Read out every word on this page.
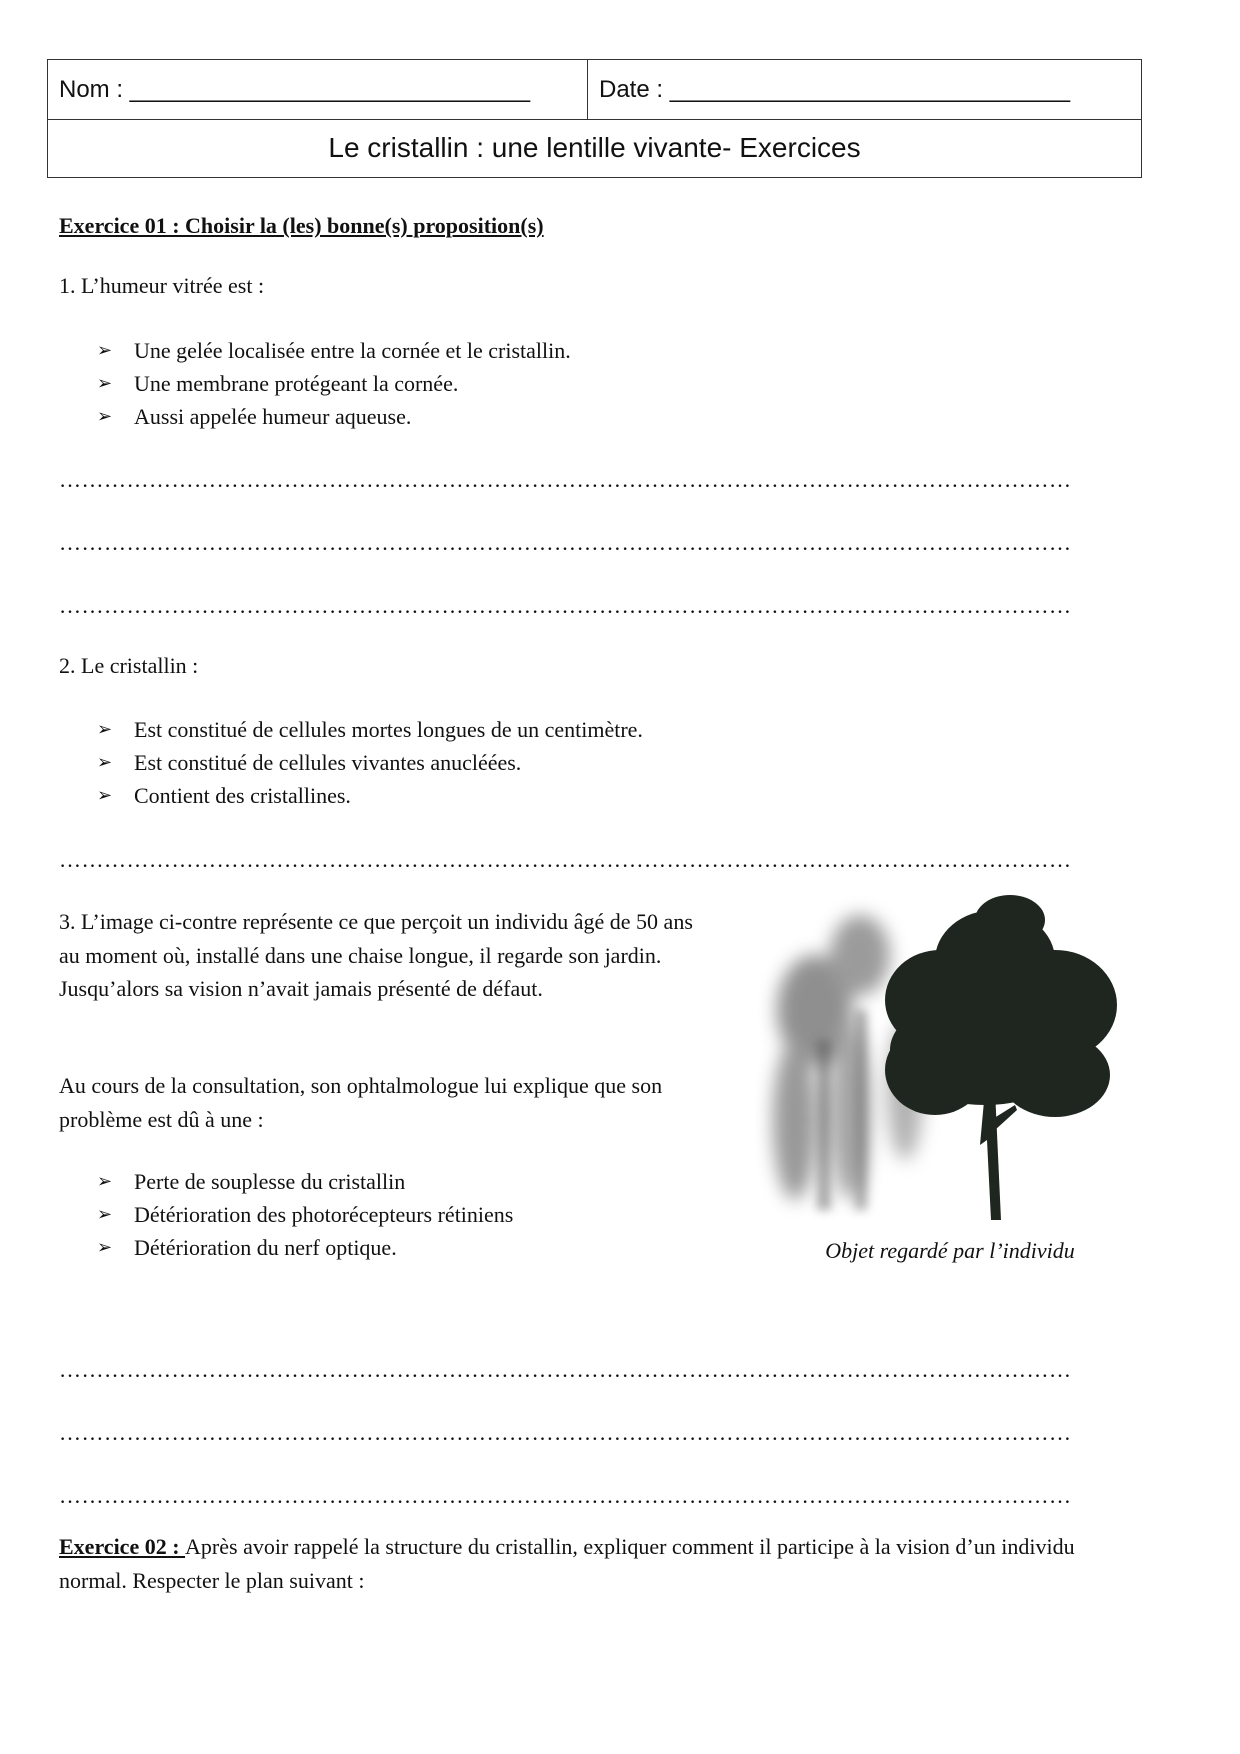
Nom : ______________________________	Date : ______________________________
Le cristallin : une lentille vivante- Exercices
Exercice 01 : Choisir la (les) bonne(s) proposition(s)
1. L’humeur vitrée est :
➢ Une gelée localisée entre la cornée et le cristallin.
➢ Une membrane protégeant la cornée.
➢ Aussi appelée humeur aqueuse.
………………………………………………………………………………………………………………………
………………………………………………………………………………………………………………………
………………………………………………………………………………………………………………………
2. Le cristallin :
➢ Est constitué de cellules mortes longues de un centimètre.
➢ Est constitué de cellules vivantes anucléées.
➢ Contient des cristallines.
………………………………………………………………………………………………………………………
3. L’image ci-contre représente ce que perçoit un individu âgé de 50 ans au moment où, installé dans une chaise longue, il regarde son jardin. Jusqu’alors sa vision n’avait jamais présenté de défaut.
Au cours de la consultation, son ophtalmologue lui explique que son problème est dû à une :
➢ Perte de souplesse du cristallin
➢ Détérioration des photorécepteurs rétiniens
➢ Détérioration du nerf optique.	Objet regardé par l’individu
………………………………………………………………………………………………………………………
………………………………………………………………………………………………………………………
………………………………………………………………………………………………………………………
Exercice 02 : Après avoir rappelé la structure du cristallin, expliquer comment il participe à la vision d’un individu normal. Respecter le plan suivant :
